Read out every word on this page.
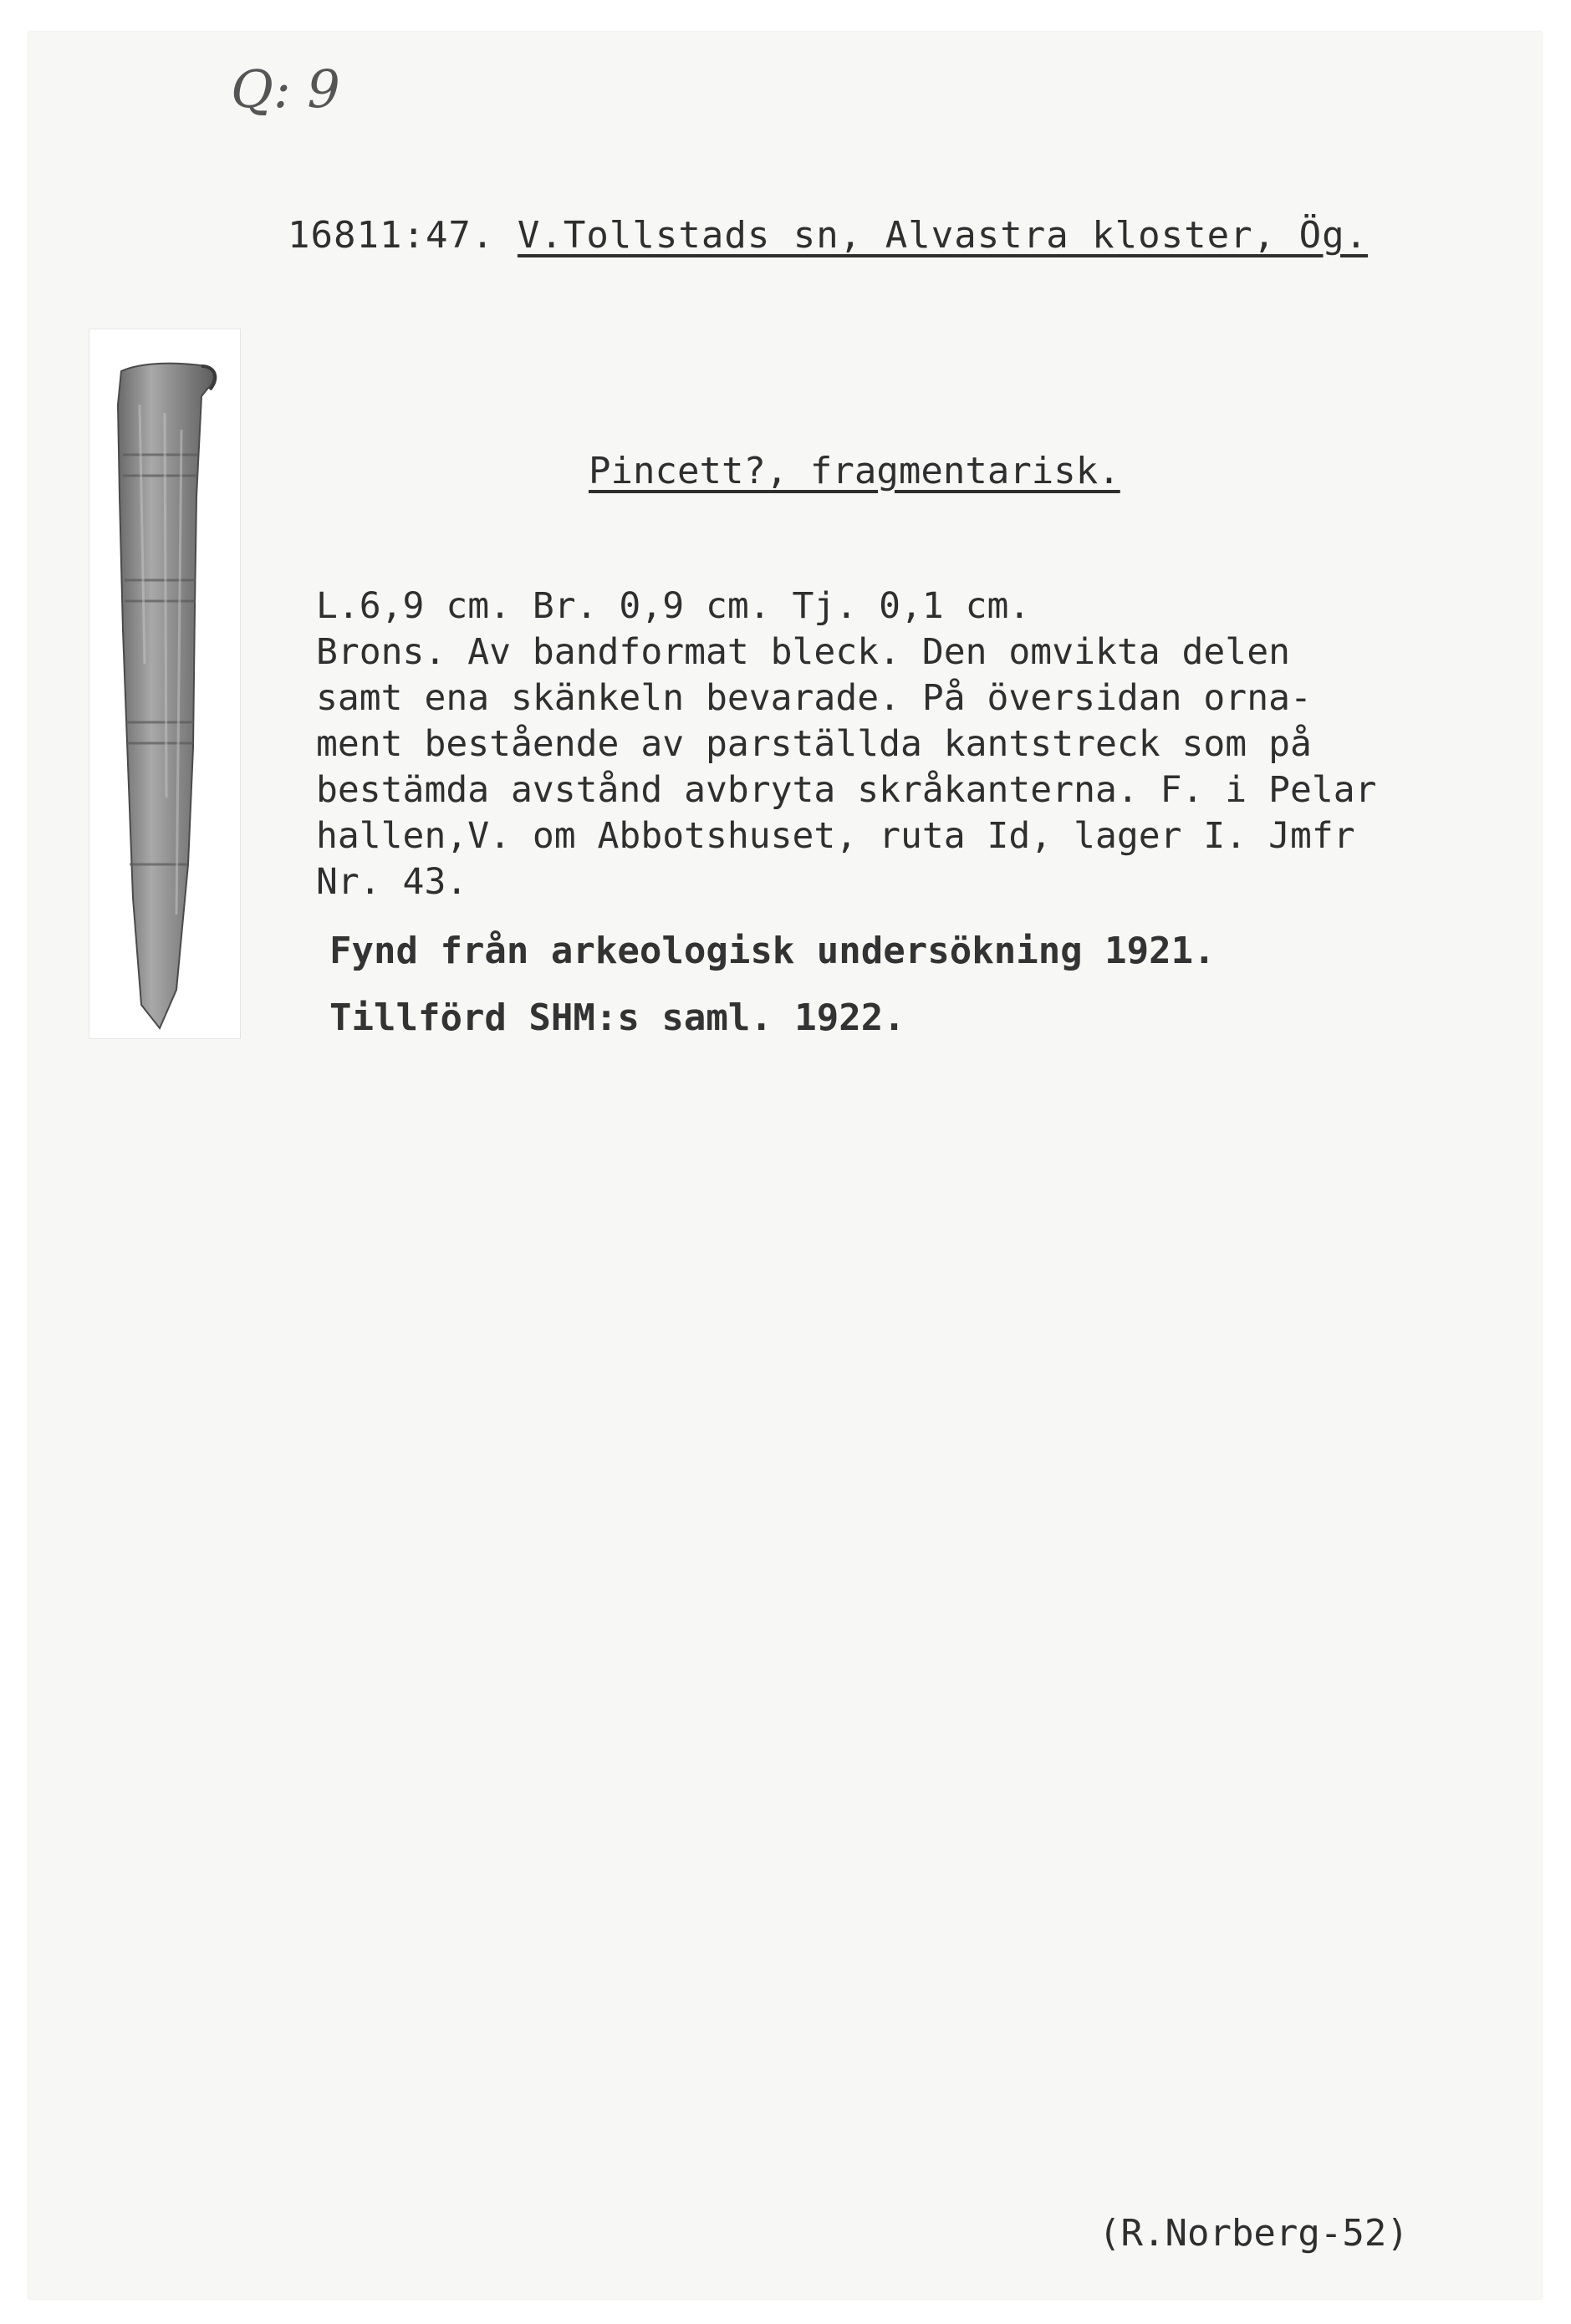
Q: 9
16811:47. V.Tollstads sn, Alvastra kloster, Ög.
Pincett?, fragmentarisk.
L.6,9 cm. Br. 0,9 cm. Tj. 0,1 cm.
Brons. Av bandformat bleck. Den omvikta delen
samt ena skänkeln bevarade. På översidan orna-
ment bestående av parställda kantstreck som på
bestämda avstånd avbryta skråkanterna. F. i Pelar
hallen,V. om Abbotshuset, ruta Id, lager I. Jmfr
Nr. 43.
Fynd från arkeologisk undersökning 1921.
Tillförd SHM:s saml. 1922.
(R.Norberg-52)
